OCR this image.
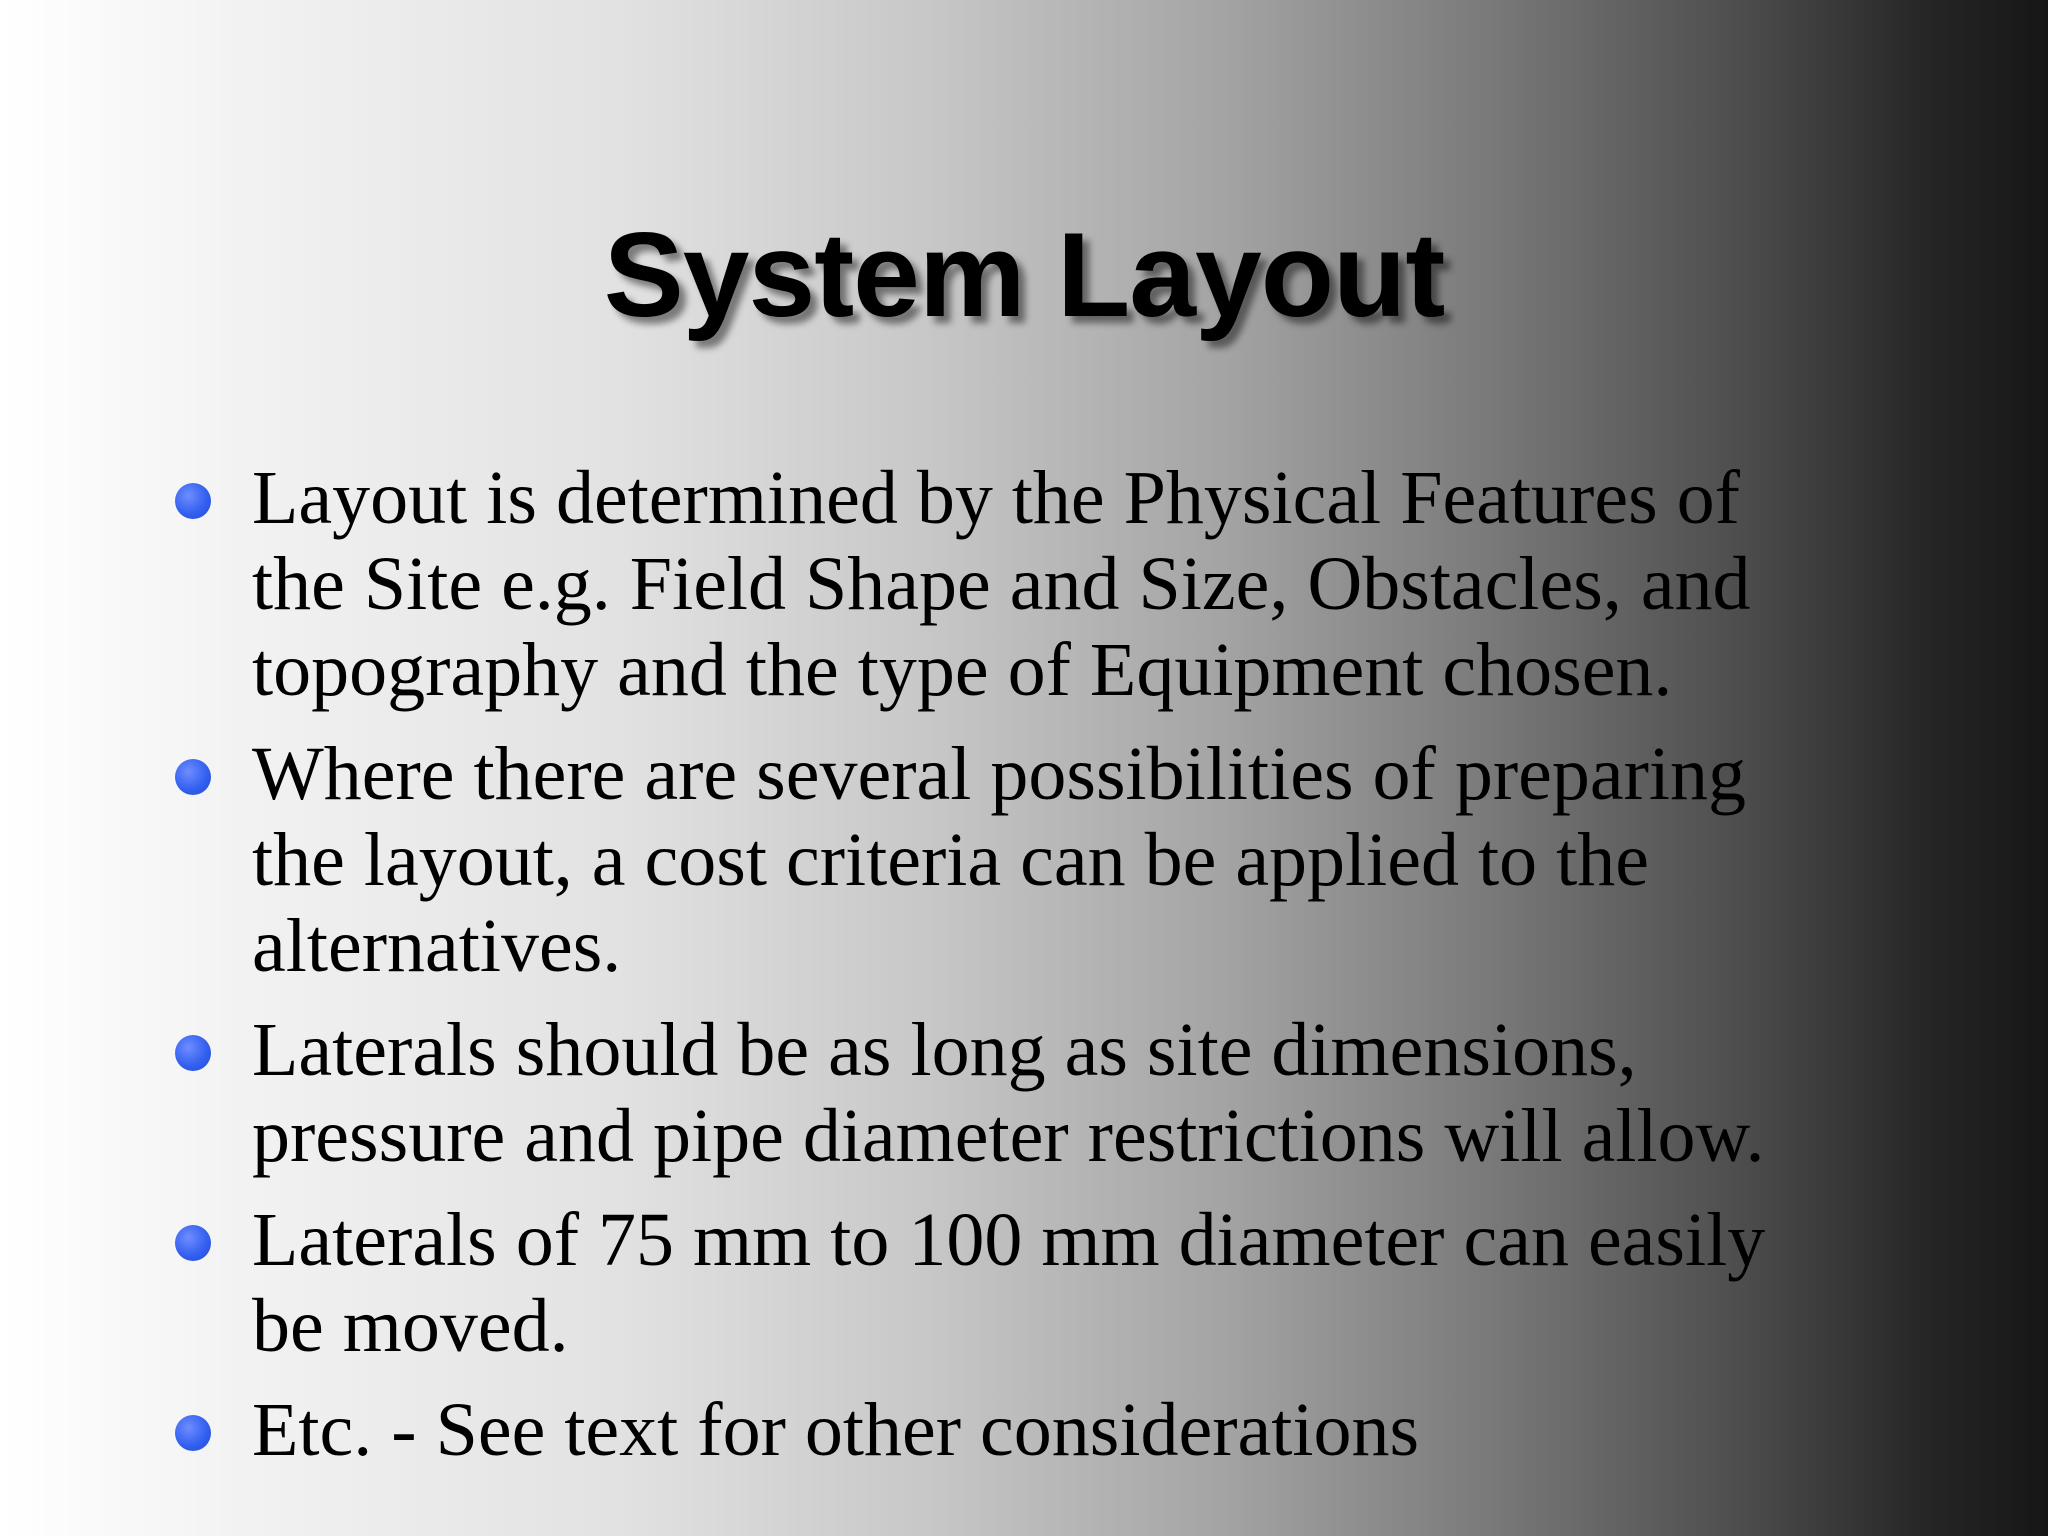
System Layout
Layout is determined by the Physical Features of
the Site e.g. Field Shape and Size, Obstacles, and
topography and the type of Equipment chosen.
Where there are several possibilities of preparing
the layout, a cost criteria can be applied to the
alternatives.
Laterals should be as long as site dimensions,
pressure and pipe diameter restrictions will allow.
Laterals of 75 mm to 100 mm diameter can easily
be moved.
Etc. - See text for other considerations
